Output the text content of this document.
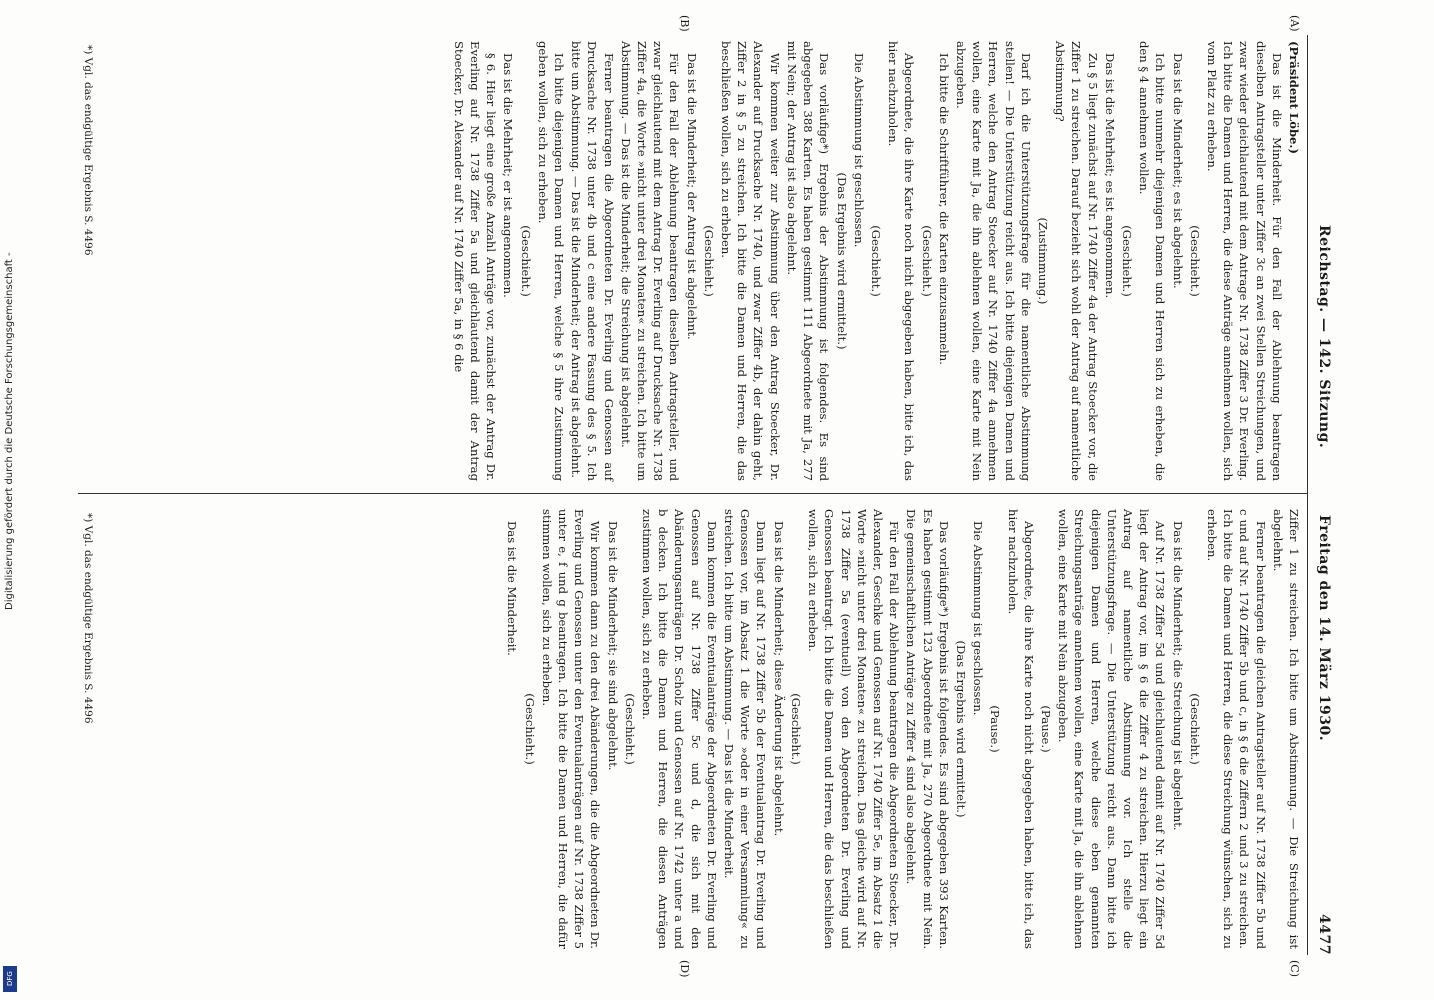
Reichstag. — 142. Sitzung.
Freitag den 14. März 1930.
4477
(A)
(B)
(C)
(D)

(Präsident Löbe.)

Das ist die Minderheit. Für den Fall der Ablehnung beantragen dieselben Antragsteller unter Ziffer 3c an zwei Stellen Streichungen, und zwar wieder gleichlautend mit dem Antrage Nr. 1738 Ziffer 3 Dr. Everling. Ich bitte die Damen und Herren, die diese Anträge annehmen wollen, sich vom Platz zu erheben.

(Geschieht.)

Das ist die Minderheit; es ist abgelehnt.

Ich bitte nunmehr diejenigen Damen und Herren sich zu erheben, die den § 4 annehmen wollen.

(Geschieht.)

Das ist die Mehrheit; es ist angenommen.

Zu § 5 liegt zunächst auf Nr. 1740 Ziffer 4a der Antrag Stoecker vor, die Ziffer 1 zu streichen. Darauf bezieht sich wohl der Antrag auf namentliche Abstimmung?

(Zustimmung.)

Darf ich die Unterstützungsfrage für die namentliche Abstimmung stellen! — Die Unterstützung reicht aus. Ich bitte diejenigen Damen und Herren, welche den Antrag Stoecker auf Nr. 1740 Ziffer 4a annehmen wollen, eine Karte mit Ja, die ihn ablehnen wollen, eine Karte mit Nein abzugeben.

Ich bitte die Schriftführer, die Karten einzusammeln.

(Geschieht.)

Abgeordnete, die ihre Karte noch nicht abgegeben haben, bitte ich, das hier nachzuholen.

(Geschieht.)

Die Abstimmung ist geschlossen.

(Das Ergebnis wird ermittelt.)

Das vorläufige*) Ergebnis der Abstimmung ist folgendes. Es sind abgegeben 388 Karten. Es haben gestimmt 111 Abgeordnete mit Ja, 277 mit Nein; der Antrag ist also abgelehnt.

Wir kommen weiter zur Abstimmung über den Antrag Stoecker, Dr. Alexander auf Drucksache Nr. 1740, und zwar Ziffer 4b, der dahin geht, Ziffer 2 in § 5 zu streichen. Ich bitte die Damen und Herren, die das beschließen wollen, sich zu erheben.

(Geschieht.)

Das ist die Minderheit; der Antrag ist abgelehnt.

Für den Fall der Ablehnung beantragen dieselben Antragsteller, und zwar gleichlautend mit dem Antrag Dr. Everling auf Drucksache Nr. 1738 Ziffer 4a, die Worte »nicht unter drei Monaten« zu streichen. Ich bitte um Abstimmung. — Das ist die Minderheit; die Streichung ist abgelehnt.

Ferner beantragen die Abgeordneten Dr. Everling und Genossen auf Drucksache Nr. 1738 unter 4b und c eine andere Fassung des § 5. Ich bitte um Abstimmung. — Das ist die Minderheit; der Antrag ist abgelehnt.

Ich bitte diejenigen Damen und Herren, welche § 5 ihre Zustimmung geben wollen, sich zu erheben.

(Geschieht.)

Das ist die Mehrheit; er ist angenommen.

§ 6. Hier liegt eine große Anzahl Anträge vor, zunächst der Antrag Dr. Everling auf Nr. 1738 Ziffer 5a und gleichlautend damit der Antrag Stoecker, Dr. Alexander auf Nr. 1740 Ziffer 5a, in § 6 die

Ziffer 1 zu streichen. Ich bitte um Abstimmung. — Die Streichung ist abgelehnt.

Ferner beantragen die gleichen Antragsteller auf Nr. 1738 Ziffer 5b und c und auf Nr. 1740 Ziffer 5b und c, in § 6 die Ziffern 2 und 3 zu streichen. Ich bitte die Damen und Herren, die diese Streichung wünschen, sich zu erheben.

(Geschieht.)

Das ist die Minderheit; die Streichung ist abgelehnt.

Auf Nr. 1738 Ziffer 5d und gleichlautend damit auf Nr. 1740 Ziffer 5d liegt der Antrag vor, im § 6 die Ziffer 4 zu streichen. Hierzu liegt ein Antrag auf namentliche Abstimmung vor. Ich stelle die Unterstützungsfrage. — Die Unterstützung reicht aus. Dann bitte ich diejenigen Damen und Herren, welche diese eben genannten Streichungsanträge annehmen wollen, eine Karte mit Ja, die ihn ablehnen wollen, eine Karte mit Nein abzugeben.

(Pause.)

Abgeordnete, die ihre Karte noch nicht abgegeben haben, bitte ich, das hier nachzuholen.

(Pause.)

Die Abstimmung ist geschlossen.

(Das Ergebnis wird ermittelt.)

Das vorläufige*) Ergebnis ist folgendes. Es sind abgegeben 393 Karten. Es haben gestimmt 123 Abgeordnete mit Ja, 270 Abgeordnete mit Nein. Die gemeinschaftlichen Anträge zu Ziffer 4 sind also abgelehnt.

Für den Fall der Ablehnung beantragen die Abgeordneten Stoecker, Dr. Alexander, Geschke und Genossen auf Nr. 1740 Ziffer 5e, im Absatz 1 die Worte »nicht unter drei Monaten« zu streichen. Das gleiche wird auf Nr. 1738 Ziffer 5a (eventuell) von den Abgeordneten Dr. Everling und Genossen beantragt. Ich bitte die Damen und Herren, die das beschließen wollen, sich zu erheben.

(Geschieht.)

Das ist die Minderheit; diese Änderung ist abgelehnt.

Dann liegt auf Nr. 1738 Ziffer 5b der Eventualantrag Dr. Everling und Genossen vor, im Absatz 1 die Worte »oder in einer Versammlung« zu streichen. Ich bitte um Abstimmung. — Das ist die Minderheit.

Dann kommen die Eventualanträge der Abgeordneten Dr. Everling und Genossen auf Nr. 1738 Ziffer 5c und d, die sich mit den Abänderungsanträgen Dr. Scholz und Genossen auf Nr. 1742 unter a und b decken. Ich bitte die Damen und Herren, die diesen Anträgen zustimmen wollen, sich zu erheben.

(Geschieht.)

Das ist die Minderheit; sie sind abgelehnt.

Wir kommen dann zu den drei Abänderungen, die die Abgeordneten Dr. Everling und Genossen unter den Eventualanträgen auf Nr. 1738 Ziffer 5 unter e, f und g beantragen. Ich bitte die Damen und Herren, die dafür stimmen wollen, sich zu erheben.

(Geschieht.)

Das ist die Minderheit.

*) Vgl. das endgültige Ergebnis S. 4496
*) Vgl. das endgültige Ergebnis S. 4496
Digitalisierung gefördert durch die Deutsche Forschungsgemeinschaft -
DFG
